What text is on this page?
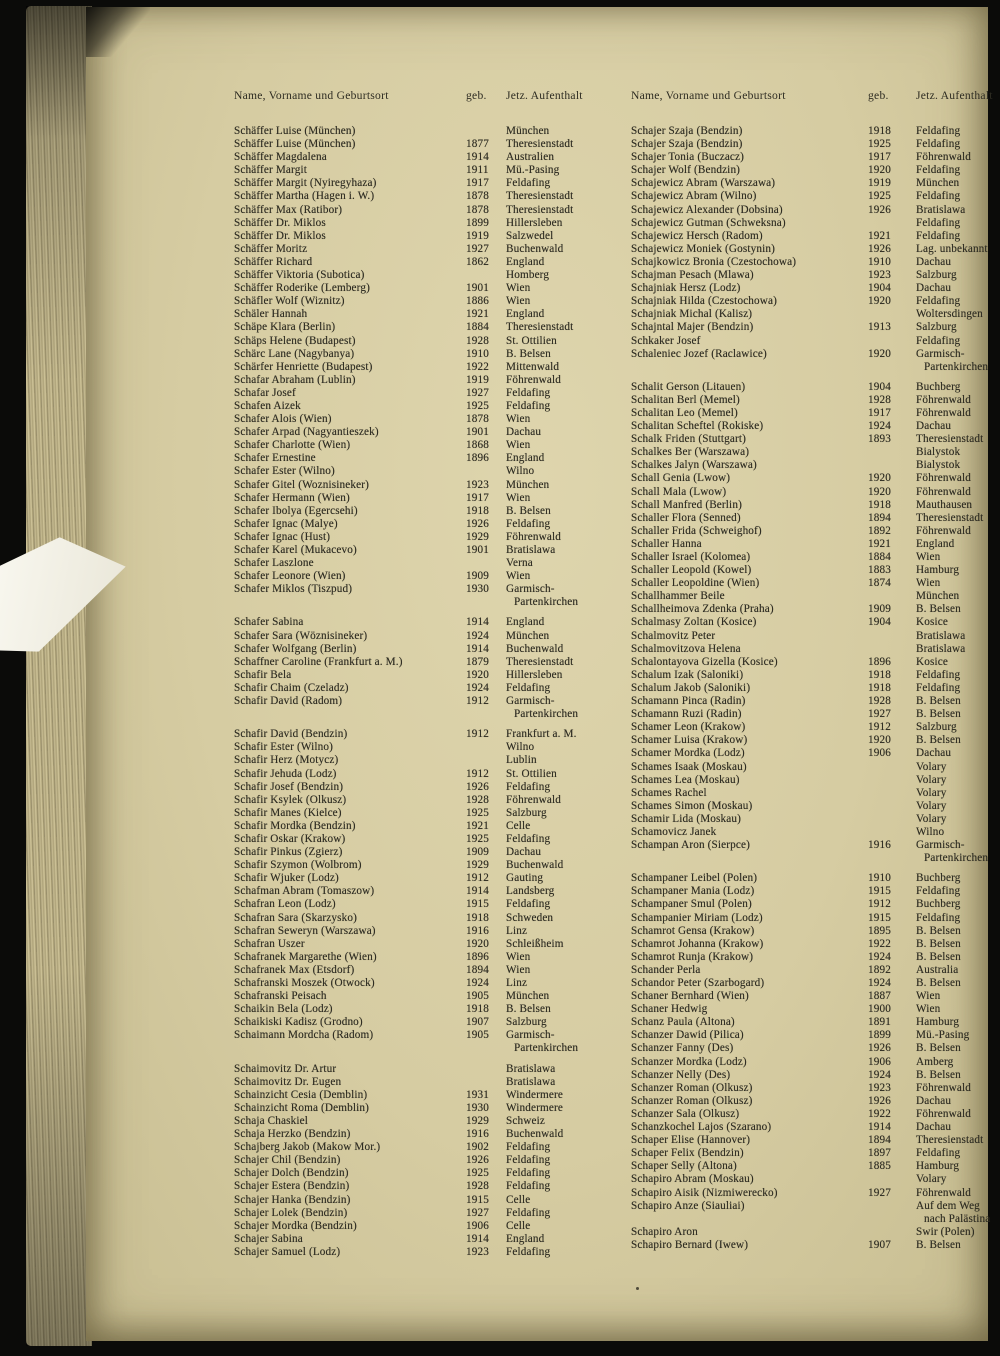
Name, Vorname und Geburtsort	geb. Jetz. Aufenthalt
Schäffer Luise (München)	München
Schäffer Luise (München)	1877 Theresienstadt
Schäffer Magdalena	1914 Australien
Schäffer Margit	1911 Mü.-Pasing
Schäffer Margit (Nyiregyhaza)	1917 Feldafing
Schäffer Martha (Hagen i. W.)	1878 Theresienstadt
Schäffer Max (Ratibor)	1878 Theresienstadt
Schäffer Dr. Miklos	1899 Hillersleben
Schäffer Dr. Miklos	1919 Salzwedel
Schäffer Moritz	1927 Buchenwald
Schäffer Richard	1862 England
Schäffer Viktoria (Subotica)	Homberg
Schäffer Roderike (Lemberg)	1901 Wien
Schäfler Wolf (Wiznitz)	1886 Wien
Schäler Hannah	1921 England
Schäpe Klara (Berlin)	1884 Theresienstadt
Schäps Helene (Budapest)	1928 St. Ottilien
Schärc Lane (Nagybanya)	1910 B. Belsen
Schärfer Henriette (Budapest)	1922 Mittenwald
Schafar Abraham (Lublin)	1919 Föhrenwald
Schafar Josef	1927 Feldafing
Schafen Aizek	1925 Feldafing
Schafer Alois (Wien)	1878 Wien
Schafer Arpad (Nagyantieszek)	1901 Dachau
Schafer Charlotte (Wien)	1868 Wien
Schafer Ernestine	1896 England
Schafer Ester (Wilno)	Wilno
Schafer Gitel (Woznisineker)	1923 München
Schafer Hermann (Wien)	1917 Wien
Schafer Ibolya (Egercsehi)	1918 B. Belsen
Schafer Ignac (Malye)	1926 Feldafing
Schafer Ignac (Hust)	1929 Föhrenwald
Schafer Karel (Mukacevo)	1901 Bratislawa
Schafer Laszlone	Verna
Schafer Leonore (Wien)	1909 Wien
Schafer Miklos (Tiszpud)	1930 Garmisch-
Partenkirchen
Schafer Sabina	1914 England
Schafer Sara (Wöznisineker)	1924 München
Schafer Wolfgang (Berlin)	1914 Buchenwald
Schaffner Caroline (Frankfurt a. M.)	1879 Theresienstadt
Schafir Bela	1920 Hillersleben
Schafir Chaim (Czeladz)	1924 Feldafing
Schafir David (Radom)	1912 Garmisch-
Partenkirchen
Schafir David (Bendzin)	1912 Frankfurt a. M.
Schafir Ester (Wilno)	Wilno
Schafir Herz (Motycz)	Lublin
Schafir Jehuda (Lodz)	1912 St. Ottilien
Schafir Josef (Bendzin)	1926 Feldafing
Schafir Ksylek (Olkusz)	1928 Föhrenwald
Schafir Manes (Kielce)	1925 Salzburg
Schafir Mordka (Bendzin)	1921 Celle
Schafir Oskar (Krakow)	1925 Feldafing
Schafir Pinkus (Zgierz)	1909 Dachau
Schafir Szymon (Wolbrom)	1929 Buchenwald
Schafir Wjuker (Lodz)	1912 Gauting
Schafman Abram (Tomaszow)	1914 Landsberg
Schafran Leon (Lodz)	1915 Feldafing
Schafran Sara (Skarzysko)	1918 Schweden
Schafran Seweryn (Warszawa)	1916 Linz
Schafran Uszer	1920 Schleißheim
Schafranek Margarethe (Wien)	1896 Wien
Schafranek Max (Etsdorf)	1894 Wien
Schafranski Moszek (Otwock)	1924 Linz
Schafranski Peisach	1905 München
Schaikin Bela (Lodz)	1918 B. Belsen
Schaikiski Kadisz (Grodno)	1907 Salzburg
Schaimann Mordcha (Radom)	1905 Garmisch-
Partenkirchen
Schaimovitz Dr. Artur	Bratislawa
Schaimovitz Dr. Eugen	Bratislawa
Schainzicht Cesia (Demblin)	1931 Windermere
Schainzicht Roma (Demblin)	1930 Windermere
Schaja Chaskiel	1929 Schweiz
Schaja Herzko (Bendzin)	1916 Buchenwald
Schajberg Jakob (Makow Mor.)	1902 Feldafing
Schajer Chil (Bendzin)	1926 Feldafing
Schajer Dolch (Bendzin)	1925 Feldafing
Schajer Estera (Bendzin)	1928 Feldafing
Schajer Hanka (Bendzin)	1915 Celle
Schajer Lolek (Bendzin)	1927 Feldafing
Schajer Mordka (Bendzin)	1906 Celle
Schajer Sabina	1914 England
Schajer Samuel (Lodz)	1923 Feldafing
Name, Vorname und Geburtsort	geb. Jetz. Aufenthalt
Schajer Szaja (Bendzin)	1918 Feldafing
Schajer Szaja (Bendzin)	1925 Feldafing
Schajer Tonia (Buczacz)	1917 Föhrenwald
Schajer Wolf (Bendzin)	1920 Feldafing
Schajewicz Abram (Warszawa)	1919 München
Schajewicz Abram (Wilno)	1925 Feldafing
Schajewicz Alexander (Dobsina)	1926 Bratislawa
Schajewicz Gutman (Schweksna)	Feldafing
Schajewicz Hersch (Radom)	1921 Feldafing
Schajewicz Moniek (Gostynin)	1926 Lag. unbekannt
Schajkowicz Bronia (Czestochowa)	1910 Dachau
Schajman Pesach (Mlawa)	1923 Salzburg
Schajniak Hersz (Lodz)	1904 Dachau
Schajniak Hilda (Czestochowa)	1920 Feldafing
Schajniak Michal (Kalisz)	Woltersdingen
Schajntal Majer (Bendzin)	1913 Salzburg
Schkaker Josef	Feldafing
Schaleniec Jozef (Raclawice)	1920 Garmisch-
Partenkirchen
Schalit Gerson (Litauen)	1904 Buchberg
Schalitan Berl (Memel)	1928 Föhrenwald
Schalitan Leo (Memel)	1917 Föhrenwald
Schalitan Scheftel (Rokiske)	1924 Dachau
Schalk Friden (Stuttgart)	1893 Theresienstadt
Schalkes Ber (Warszawa)	Bialystok
Schalkes Jalyn (Warszawa)	Bialystok
Schall Genia (Lwow)	1920 Föhrenwald
Schall Mala (Lwow)	1920 Föhrenwald
Schall Manfred (Berlin)	1918 Mauthausen
Schaller Flora (Senned)	1894 Theresienstadt
Schaller Frida (Schweighof)	1892 Föhrenwald
Schaller Hanna	1921 England
Schaller Israel (Kolomea)	1884 Wien
Schaller Leopold (Kowel)	1883 Hamburg
Schaller Leopoldine (Wien)	1874 Wien
Schallhammer Beile	München
Schallheimova Zdenka (Praha)	1909 B. Belsen
Schalmasy Zoltan (Kosice)	1904 Kosice
Schalmovitz Peter	Bratislawa
Schalmovitzova Helena	Bratislawa
Schalontayova Gizella (Kosice)	1896 Kosice
Schalum Izak (Saloniki)	1918 Feldafing
Schalum Jakob (Saloniki)	1918 Feldafing
Schamann Pinca (Radin)	1928 B. Belsen
Schamann Ruzi (Radin)	1927 B. Belsen
Schamer Leon (Krakow)	1912 Salzburg
Schamer Luisa (Krakow)	1920 B. Belsen
Schamer Mordka (Lodz)	1906 Dachau
Schames Isaak (Moskau)	Volary
Schames Lea (Moskau)	Volary
Schames Rachel	Volary
Schames Simon (Moskau)	Volary
Schamir Lida (Moskau)	Volary
Schamovicz Janek	Wilno
Schampan Aron (Sierpce)	1916 Garmisch-
Partenkirchen
Schampaner Leibel (Polen)	1910 Buchberg
Schampaner Mania (Lodz)	1915 Feldafing
Schampaner Smul (Polen)	1912 Buchberg
Schampanier Miriam (Lodz)	1915 Feldafing
Schamrot Gensa (Krakow)	1895 B. Belsen
Schamrot Johanna (Krakow)	1922 B. Belsen
Schamrot Runja (Krakow)	1924 B. Belsen
Schander Perla	1892 Australia
Schandor Peter (Szarbogard)	1924 B. Belsen
Schaner Bernhard (Wien)	1887 Wien
Schaner Hedwig	1900 Wien
Schanz Paula (Altona)	1891 Hamburg
Schanzer Dawid (Pilica)	1899 Mü.-Pasing
Schanzer Fanny (Des)	1926 B. Belsen
Schanzer Mordka (Lodz)	1906 Amberg
Schanzer Nelly (Des)	1924 B. Belsen
Schanzer Roman (Olkusz)	1923 Föhrenwald
Schanzer Roman (Olkusz)	1926 Dachau
Schanzer Sala (Olkusz)	1922 Föhrenwald
Schanzkochel Lajos (Szarano)	1914 Dachau
Schaper Elise (Hannover)	1894 Theresienstadt
Schaper Felix (Bendzin)	1897 Feldafing
Schaper Selly (Altona)	1885 Hamburg
Schapiro Abram (Moskau)	Volary
Schapiro Aisik (Nizmiwerecko)	1927 Föhrenwald
Schapiro Anze (Siauliai)	Auf dem Weg
nach Palästina
Schapiro Aron	Swir (Polen)
Schapiro Bernard (Iwew)	1907 B. Belsen
